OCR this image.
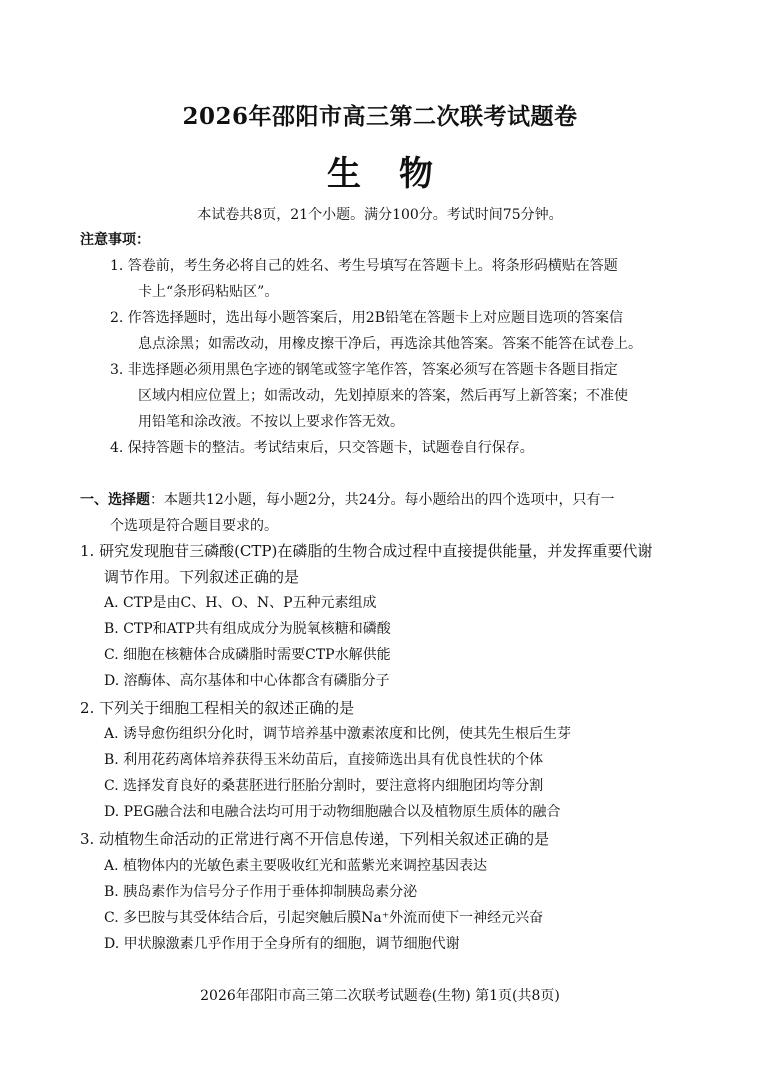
2026年邵阳市高三第二次联考试题卷
生物
本试卷共8页，21个小题。满分100分。考试时间75分钟。
注意事项：
1. 答卷前，考生务必将自己的姓名、考生号填写在答题卡上。将条形码横贴在答题
卡上“条形码粘贴区”。
2. 作答选择题时，选出每小题答案后，用2B铅笔在答题卡上对应题目选项的答案信
息点涂黑；如需改动，用橡皮擦干净后，再选涂其他答案。答案不能答在试卷上。
3. 非选择题必须用黑色字迹的钢笔或签字笔作答，答案必须写在答题卡各题目指定
区域内相应位置上；如需改动，先划掉原来的答案，然后再写上新答案；不准使
用铅笔和涂改液。不按以上要求作答无效。
4. 保持答题卡的整洁。考试结束后，只交答题卡，试题卷自行保存。
一、选择题：本题共12小题，每小题2分，共24分。每小题给出的四个选项中，只有一
个选项是符合题目要求的。
1. 研究发现胞苷三磷酸(CTP)在磷脂的生物合成过程中直接提供能量，并发挥重要代谢
调节作用。下列叙述正确的是
A. CTP是由C、H、O、N、P五种元素组成
B. CTP和ATP共有组成成分为脱氧核糖和磷酸
C. 细胞在核糖体合成磷脂时需要CTP水解供能
D. 溶酶体、高尔基体和中心体都含有磷脂分子
2. 下列关于细胞工程相关的叙述正确的是
A. 诱导愈伤组织分化时，调节培养基中激素浓度和比例，使其先生根后生芽
B. 利用花药离体培养获得玉米幼苗后，直接筛选出具有优良性状的个体
C. 选择发育良好的桑葚胚进行胚胎分割时，要注意将内细胞团均等分割
D. PEG融合法和电融合法均可用于动物细胞融合以及植物原生质体的融合
3. 动植物生命活动的正常进行离不开信息传递，下列相关叙述正确的是
A. 植物体内的光敏色素主要吸收红光和蓝紫光来调控基因表达
B. 胰岛素作为信号分子作用于垂体抑制胰岛素分泌
C. 多巴胺与其受体结合后，引起突触后膜Na⁺外流而使下一神经元兴奋
D. 甲状腺激素几乎作用于全身所有的细胞，调节细胞代谢
2026年邵阳市高三第二次联考试题卷(生物) 第1页(共8页)
